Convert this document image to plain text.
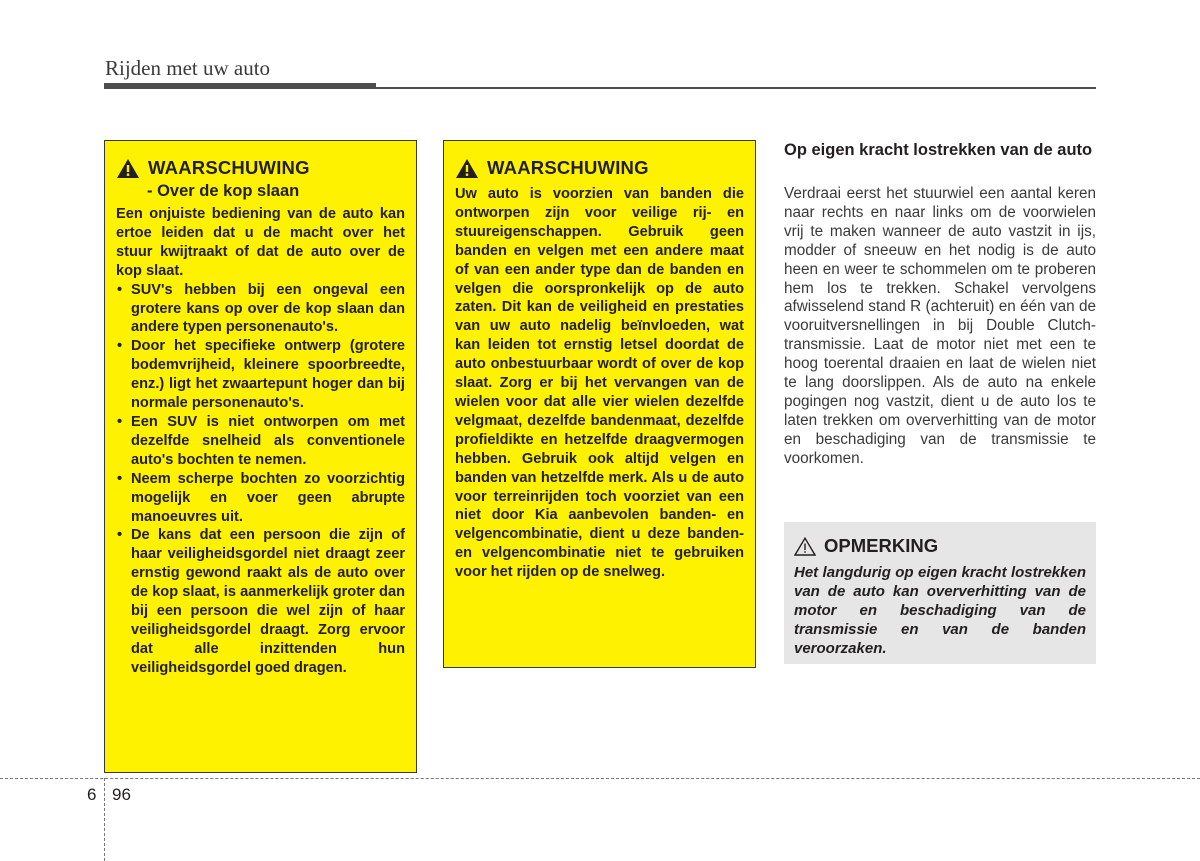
Rijden met uw auto
WAARSCHUWING
- Over de kop slaan

Een onjuiste bediening van de auto kan ertoe leiden dat u de macht over het stuur kwijtraakt of dat de auto over de kop slaat.

• SUV's hebben bij een ongeval een grotere kans op over de kop slaan dan andere typen personenauto's.
• Door het specifieke ontwerp (grotere bodemvrijheid, kleinere spoorbreedte, enz.) ligt het zwaartepunt hoger dan bij normale personenauto's.
• Een SUV is niet ontworpen om met dezelfde snelheid als conventionele auto's bochten te nemen.
• Neem scherpe bochten zo voorzichtig mogelijk en voer geen abrupte manoeuvres uit.
• De kans dat een persoon die zijn of haar veiligheidsgordel niet draagt zeer ernstig gewond raakt als de auto over de kop slaat, is aanmerkelijk groter dan bij een persoon die wel zijn of haar veiligheidsgordel draagt. Zorg ervoor dat alle inzittenden hun veiligheidsgordel goed dragen.
WAARSCHUWING

Uw auto is voorzien van banden die ontworpen zijn voor veilige rij- en stuureigenschappen. Gebruik geen banden en velgen met een andere maat of van een ander type dan de banden en velgen die oorspronkelijk op de auto zaten. Dit kan de veiligheid en prestaties van uw auto nadelig beïnvloeden, wat kan leiden tot ernstig letsel doordat de auto onbestuurbaar wordt of over de kop slaat. Zorg er bij het vervangen van de wielen voor dat alle vier wielen dezelfde velgmaat, dezelfde bandenmaat, dezelfde profieldikte en hetzelfde draagvermogen hebben. Gebruik ook altijd velgen en banden van hetzelfde merk. Als u de auto voor terreinrijden toch voorziet van een niet door Kia aanbevolen banden- en velgencombinatie, dient u deze banden- en velgencombinatie niet te gebruiken voor het rijden op de snelweg.

Op eigen kracht lostrekken van de auto

Verdraai eerst het stuurwiel een aantal keren naar rechts en naar links om de voorwielen vrij te maken wanneer de auto vastzit in ijs, modder of sneeuw en het nodig is de auto heen en weer te schommelen om te proberen hem los te trekken. Schakel vervolgens afwisselend stand R (achteruit) en één van de vooruitversnellingen in bij Double Clutch-transmissie. Laat de motor niet met een te hoog toerental draaien en laat de wielen niet te lang doorslippen. Als de auto na enkele pogingen nog vastzit, dient u de auto los te laten trekken om oververhitting van de motor en beschadiging van de transmissie te voorkomen.

OPMERKING

Het langdurig op eigen kracht lostrekken van de auto kan oververhitting van de motor en beschadiging van de transmissie en van de banden veroorzaken.

6 96
